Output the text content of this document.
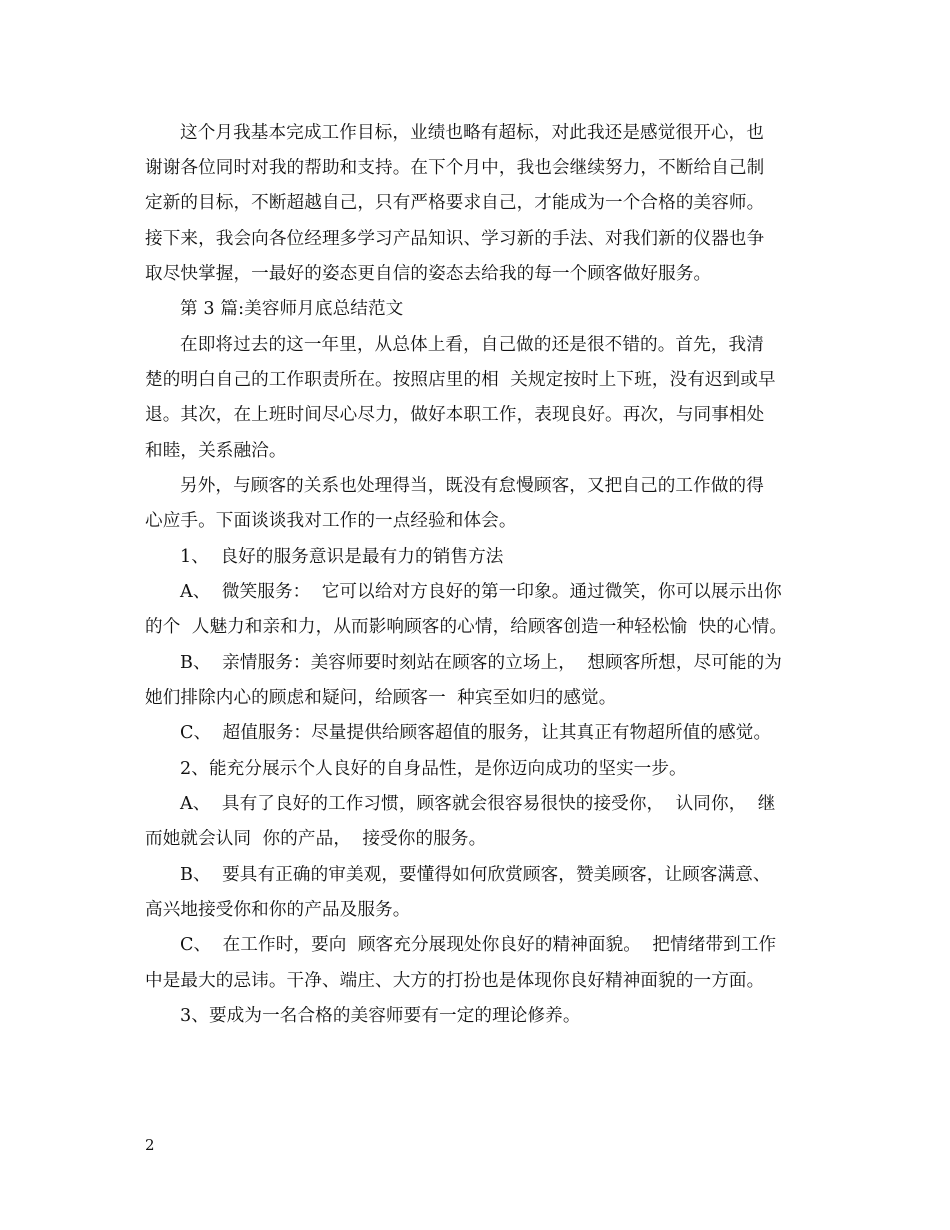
这个月我基本完成工作目标，业绩也略有超标，对此我还是感觉很开心，也
谢谢各位同时对我的帮助和支持。在下个月中，我也会继续努力，不断给自己制
定新的目标，不断超越自己，只有严格要求自己，才能成为一个合格的美容师。
接下来，我会向各位经理多学习产品知识、学习新的手法、对我们新的仪器也争
取尽快掌握，一最好的姿态更自信的姿态去给我的每一个顾客做好服务。
第 3 篇:美容师月底总结范文
在即将过去的这一年里，从总体上看，自己做的还是很不错的。首先，我清
楚的明白自己的工作职责所在。按照店里的相  关规定按时上下班，没有迟到或早
退。其次，在上班时间尽心尽力，做好本职工作，表现良好。再次，与同事相处
和睦，关系融洽。
另外，与顾客的关系也处理得当，既没有怠慢顾客，又把自己的工作做的得
心应手。下面谈谈我对工作的一点经验和体会。
1、  良好的服务意识是最有力的销售方法
A、  微笑服务：  它可以给对方良好的第一印象。通过微笑，你可以展示出你
的个  人魅力和亲和力，从而影响顾客的心情，给顾客创造一种轻松愉  快的心情。
B、  亲情服务：美容师要时刻站在顾客的立场上，  想顾客所想，尽可能的为
她们排除内心的顾虑和疑问，给顾客一  种宾至如归的感觉。
C、  超值服务：尽量提供给顾客超值的服务，让其真正有物超所值的感觉。
2、能充分展示个人良好的自身品性，是你迈向成功的坚实一步。
A、  具有了良好的工作习惯，顾客就会很容易很快的接受你，  认同你，  继
而她就会认同  你的产品，  接受你的服务。
B、  要具有正确的审美观，要懂得如何欣赏顾客，赞美顾客，让顾客满意、
高兴地接受你和你的产品及服务。
C、  在工作时，要向  顾客充分展现处你良好的精神面貌。  把情绪带到工作
中是最大的忌讳。干净、端庄、大方的打扮也是体现你良好精神面貌的一方面。
3、要成为一名合格的美容师要有一定的理论修养。
2
